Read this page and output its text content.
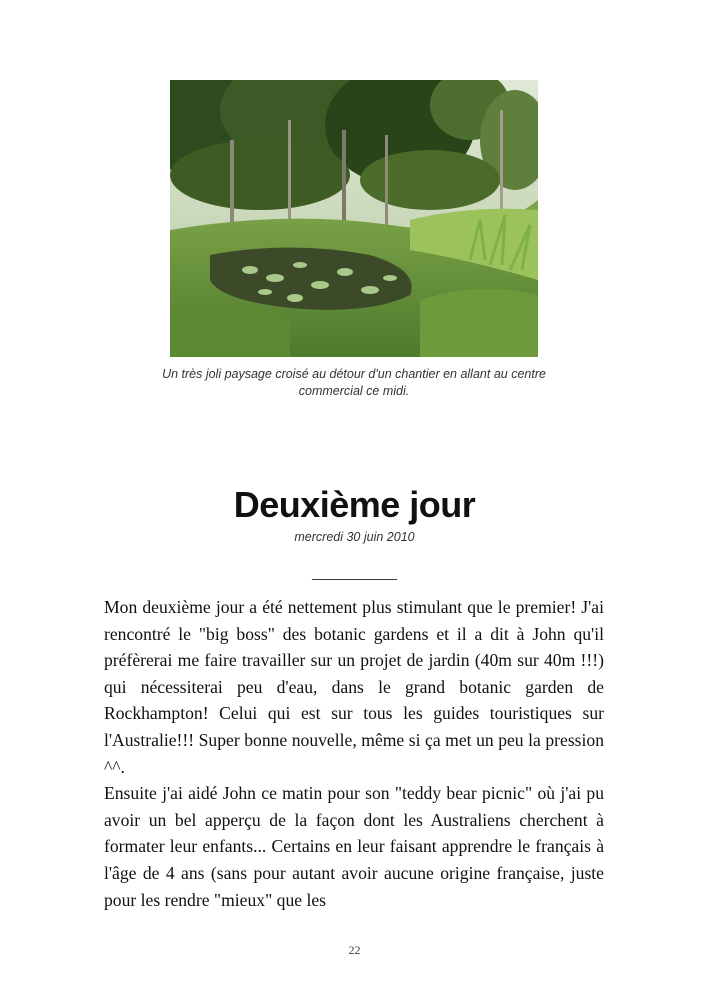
Un très joli paysage croisé au détour d'un chantier en allant au centre commercial ce midi.
Deuxième jour
mercredi 30 juin 2010
__________

Mon deuxième jour a été nettement plus stimulant que le premier! J'ai rencontré le "big boss" des botanic gardens et il a dit à John qu'il préfèrerai me faire travailler sur un projet de jardin (40m sur 40m !!!) qui nécessiterai peu d'eau, dans le grand botanic garden de Rockhampton! Celui qui est sur tous les guides touristiques sur l'Australie!!! Super bonne nouvelle, même si ça met un peu la pression ^^.

Ensuite j'ai aidé John ce matin pour son "teddy bear picnic" où j'ai pu avoir un bel apperçu de la façon dont les Australiens cherchent à formater leur enfants... Certains en leur faisant apprendre le français à l'âge de 4 ans (sans pour autant avoir aucune origine française, juste pour les rendre "mieux" que les

22
